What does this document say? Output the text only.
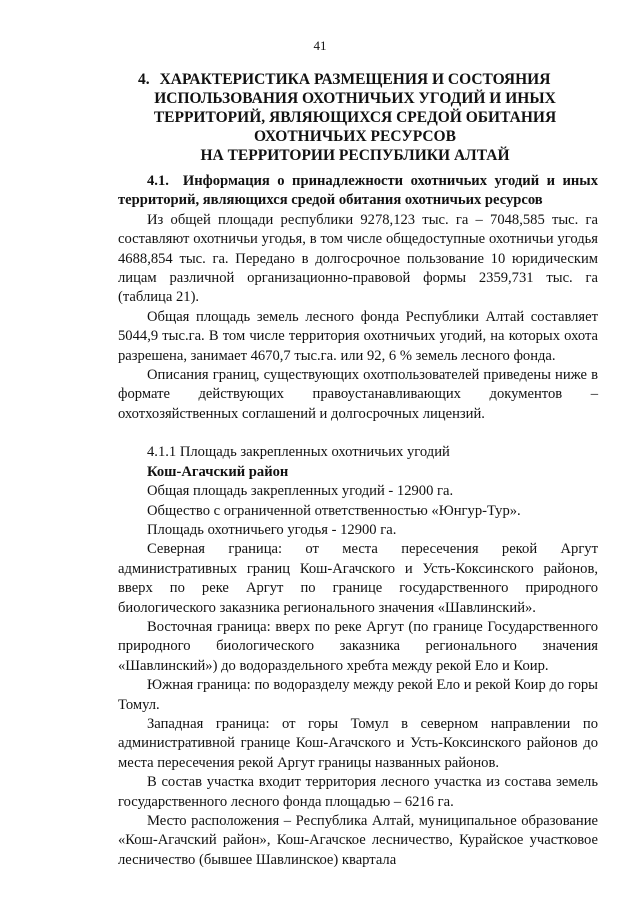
41
4. ХАРАКТЕРИСТИКА РАЗМЕЩЕНИЯ И СОСТОЯНИЯ
ИСПОЛЬЗОВАНИЯ ОХОТНИЧЬИХ УГОДИЙ И ИНЫХ
ТЕРРИТОРИЙ, ЯВЛЯЮЩИХСЯ СРЕДОЙ ОБИТАНИЯ
ОХОТНИЧЬИХ РЕСУРСОВ
НА ТЕРРИТОРИИ РЕСПУБЛИКИ АЛТАЙ

4.1. Информация о принадлежности охотничьих угодий и иных территорий, являющихся средой обитания охотничьих ресурсов

Из общей площади республики 9278,123 тыс. га – 7048,585 тыс. га составляют охотничьи угодья, в том числе общедоступные охотничьи угодья 4688,854 тыс. га. Передано в долгосрочное пользование 10 юридическим лицам различной организационно-правовой формы 2359,731 тыс. га (таблица 21).

Общая площадь земель лесного фонда Республики Алтай составляет 5044,9 тыс.га. В том числе территория охотничьих угодий, на которых охота разрешена, занимает 4670,7 тыс.га. или 92, 6 % земель лесного фонда.

Описания границ, существующих охотпользователей приведены ниже в формате действующих правоустанавливающих документов – охотхозяйственных соглашений и долгосрочных лицензий.

4.1.1 Площадь закрепленных охотничьих угодий

Кош-Агачский район

Общая площадь закрепленных угодий - 12900 га.

Общество с ограниченной ответственностью «Юнгур-Тур».

Площадь охотничьего угодья - 12900 га.

Северная граница: от места пересечения рекой Аргут административных границ Кош-Агачского и Усть-Коксинского районов, вверх по реке Аргут по границе государственного природного биологического заказника регионального значения «Шавлинский».

Восточная граница: вверх по реке Аргут (по границе Государственного природного биологического заказника регионального значения «Шавлинский») до водораздельного хребта между рекой Ело и Коир.

Южная граница: по водоразделу между рекой Ело и рекой Коир до горы Томул.

Западная граница: от горы Томул в северном направлении по административной границе Кош-Агачского и Усть-Коксинского районов до места пересечения рекой Аргут границы названных районов.

В состав участка входит территория лесного участка из состава земель государственного лесного фонда площадью – 6216 га.

Место расположения – Республика Алтай, муниципальное образование «Кош-Агачский район», Кош-Агачское лесничество, Курайское участковое лесничество (бывшее Шавлинское) квартала
